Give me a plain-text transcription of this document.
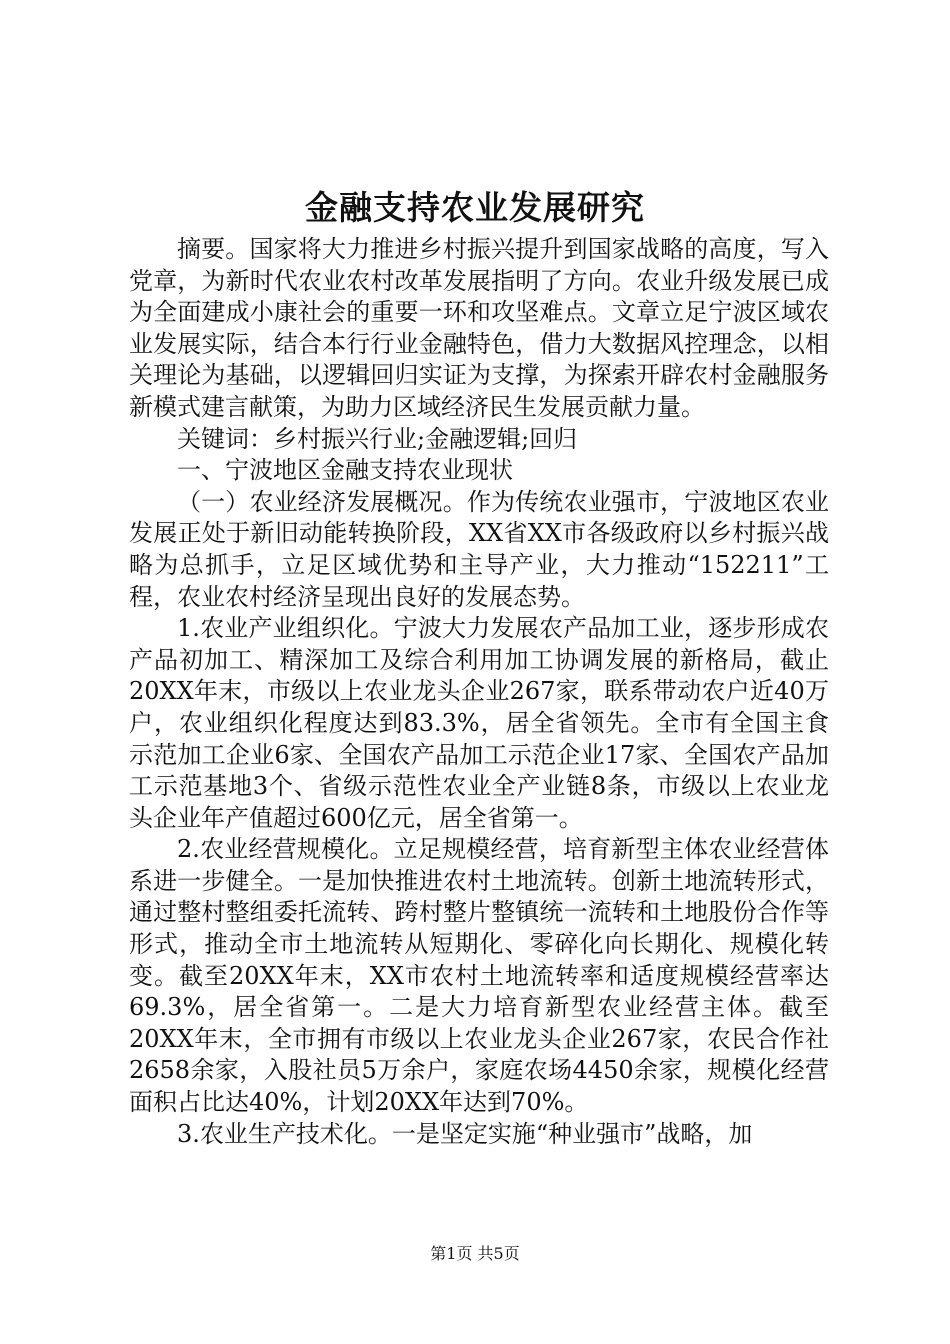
金融支持农业发展研究

摘要。国家将大力推进乡村振兴提升到国家战略的高度，写入党章，为新时代农业农村改革发展指明了方向。农业升级发展已成为全面建成小康社会的重要一环和攻坚难点。文章立足宁波区域农业发展实际，结合本行行业金融特色，借力大数据风控理念，以相关理论为基础，以逻辑回归实证为支撑，为探索开辟农村金融服务新模式建言献策，为助力区域经济民生发展贡献力量。

关键词：乡村振兴行业;金融逻辑;回归

一、宁波地区金融支持农业现状

（一）农业经济发展概况。作为传统农业强市，宁波地区农业发展正处于新旧动能转换阶段，XX省XX市各级政府以乡村振兴战略为总抓手，立足区域优势和主导产业，大力推动“152211”工程，农业农村经济呈现出良好的发展态势。

1.农业产业组织化。宁波大力发展农产品加工业，逐步形成农产品初加工、精深加工及综合利用加工协调发展的新格局，截止20XX年末，市级以上农业龙头企业267家，联系带动农户近40万户，农业组织化程度达到83.3%，居全省领先。全市有全国主食示范加工企业6家、全国农产品加工示范企业17家、全国农产品加工示范基地3个、省级示范性农业全产业链8条，市级以上农业龙头企业年产值超过600亿元，居全省第一。

2.农业经营规模化。立足规模经营，培育新型主体农业经营体系进一步健全。一是加快推进农村土地流转。创新土地流转形式，通过整村整组委托流转、跨村整片整镇统一流转和土地股份合作等形式，推动全市土地流转从短期化、零碎化向长期化、规模化转变。截至20XX年末，XX市农村土地流转率和适度规模经营率达69.3%，居全省第一。二是大力培育新型农业经营主体。截至20XX年末，全市拥有市级以上农业龙头企业267家，农民合作社2658余家，入股社员5万余户，家庭农场4450余家，规模化经营面积占比达40%，计划20XX年达到70%。

3.农业生产技术化。一是坚定实施“种业强市”战略，加

第1页 共5页
